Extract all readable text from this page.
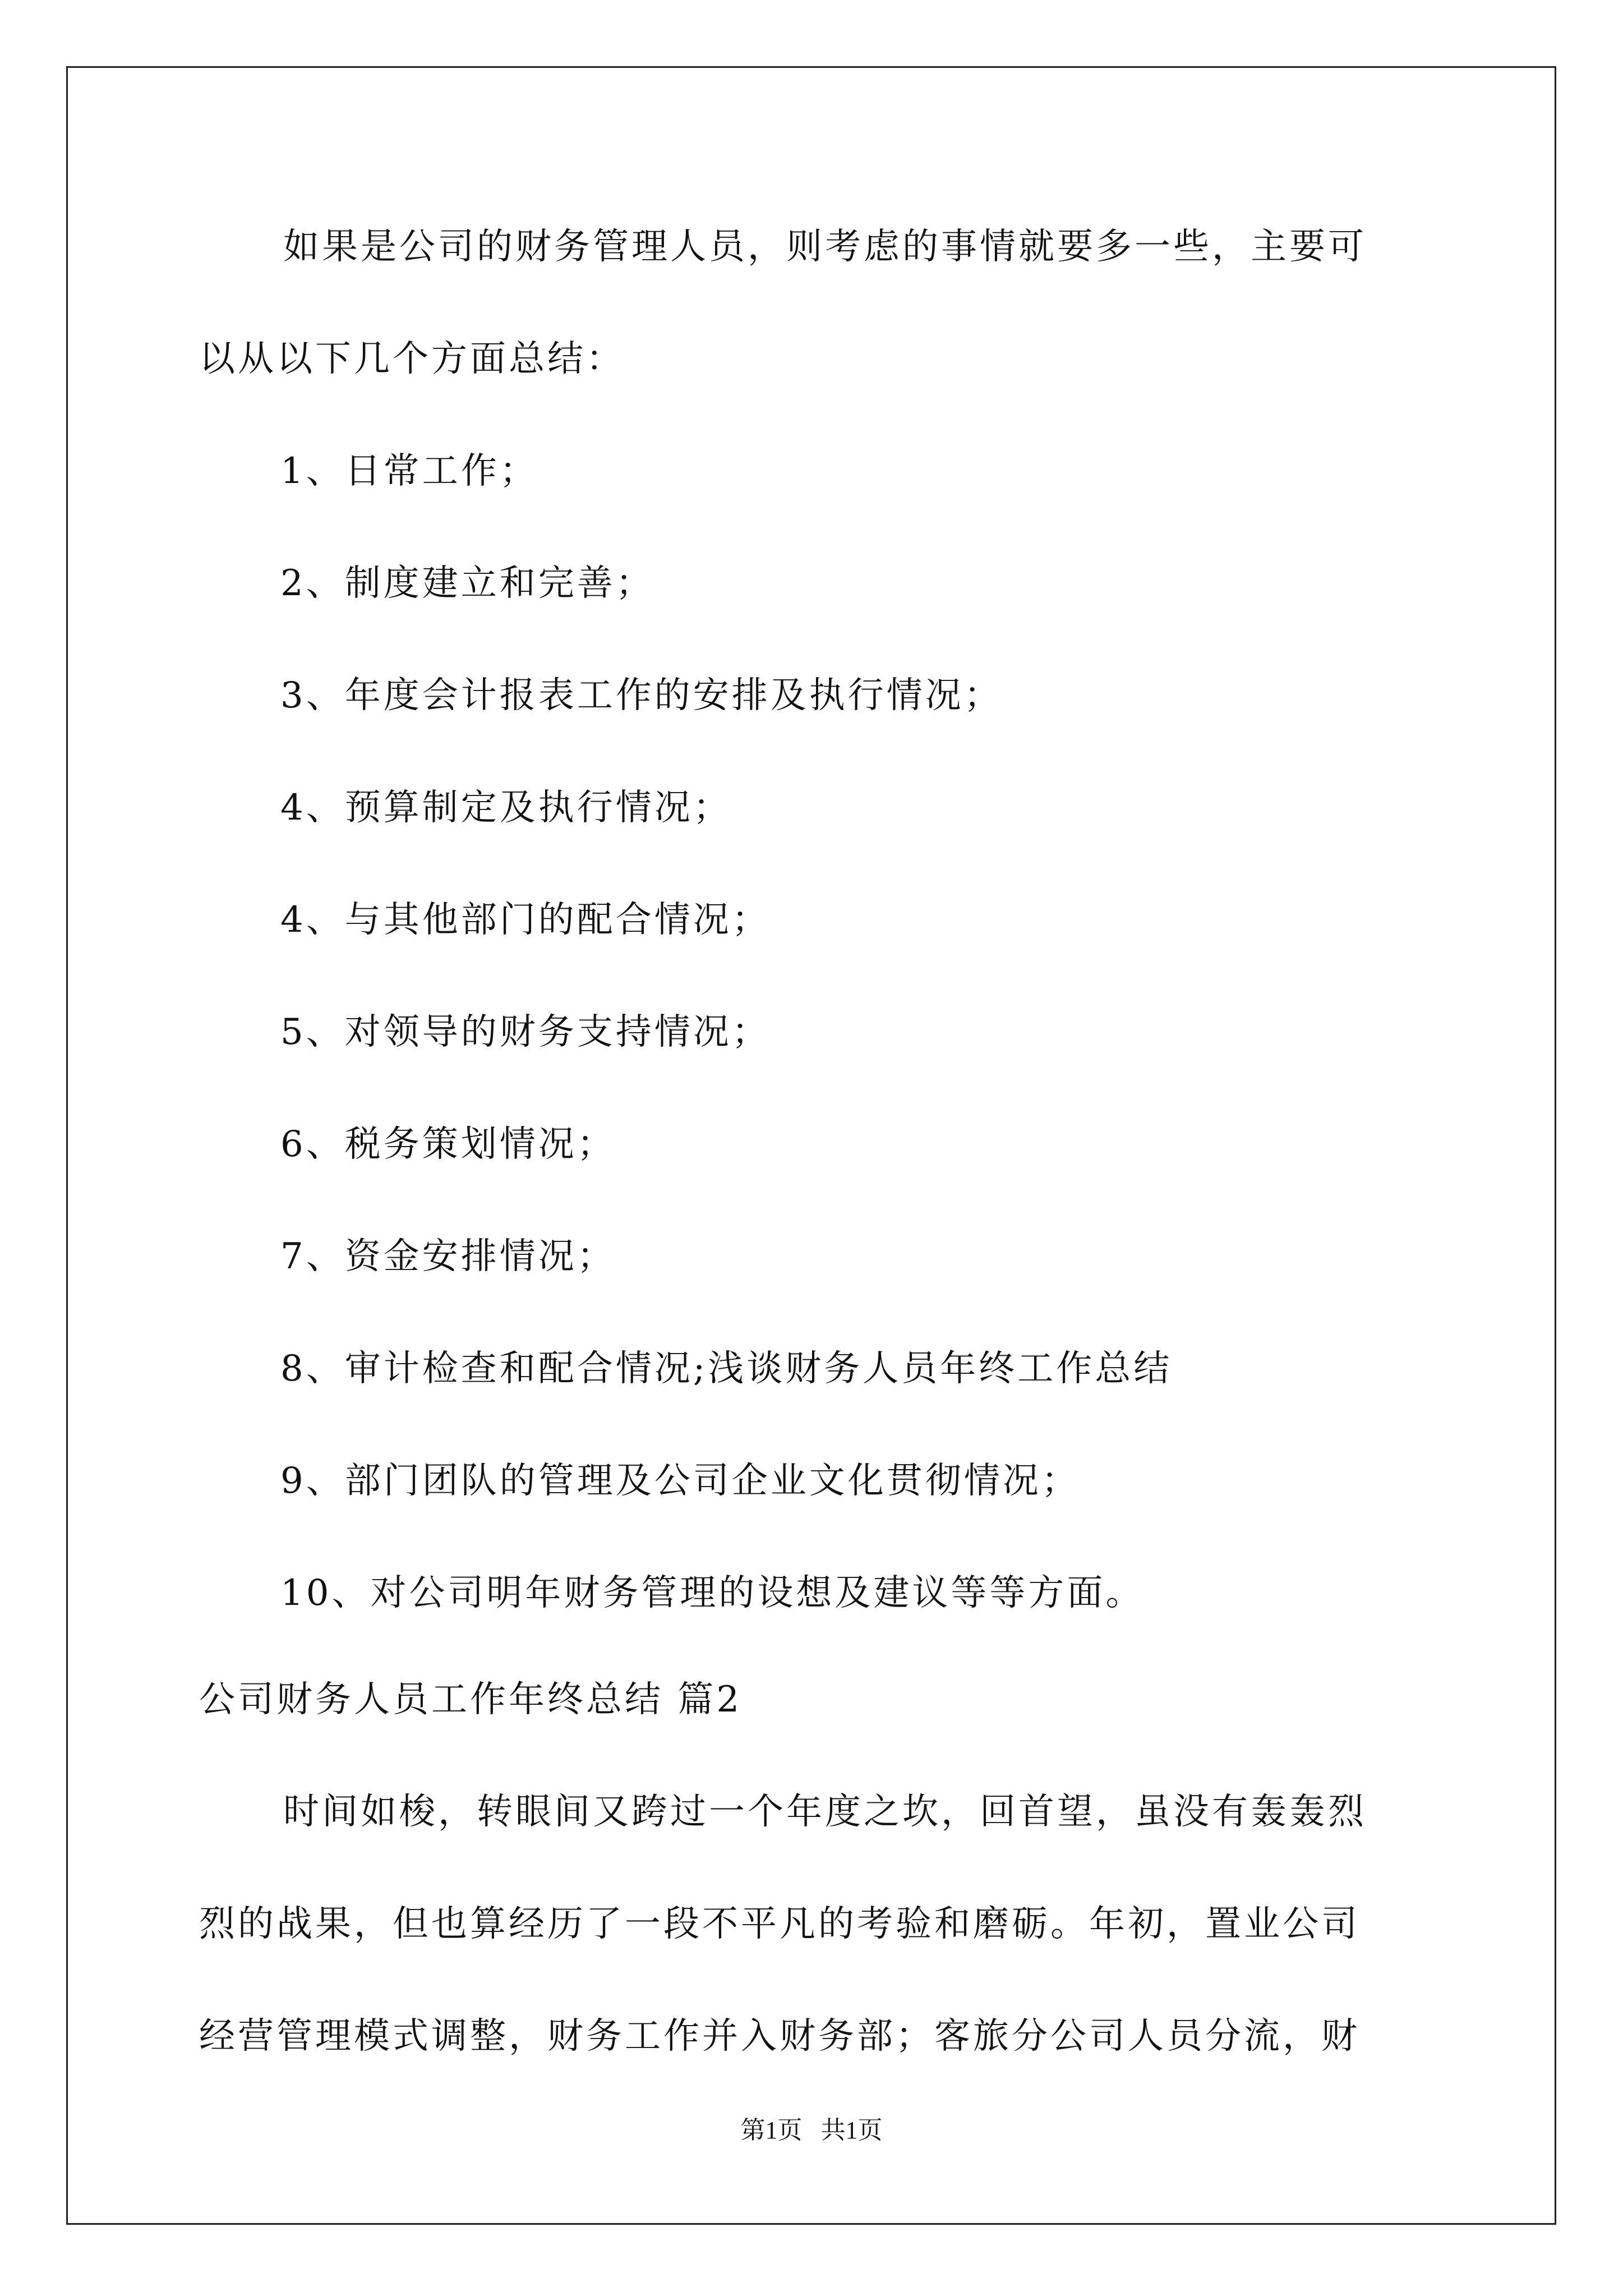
如果是公司的财务管理人员，则考虑的事情就要多一些，主要可
以从以下几个方面总结：
1、日常工作；
2、制度建立和完善；
3、年度会计报表工作的安排及执行情况；
4、预算制定及执行情况；
4、与其他部门的配合情况；
5、对领导的财务支持情况；
6、税务策划情况；
7、资金安排情况；
8、审计检查和配合情况;浅谈财务人员年终工作总结
9、部门团队的管理及公司企业文化贯彻情况；
10、对公司明年财务管理的设想及建议等等方面。
公司财务人员工作年终总结 篇2
时间如梭，转眼间又跨过一个年度之坎，回首望，虽没有轰轰烈
烈的战果，但也算经历了一段不平凡的考验和磨砺。年初，置业公司
经营管理模式调整，财务工作并入财务部；客旅分公司人员分流，财
第1页   共1页
